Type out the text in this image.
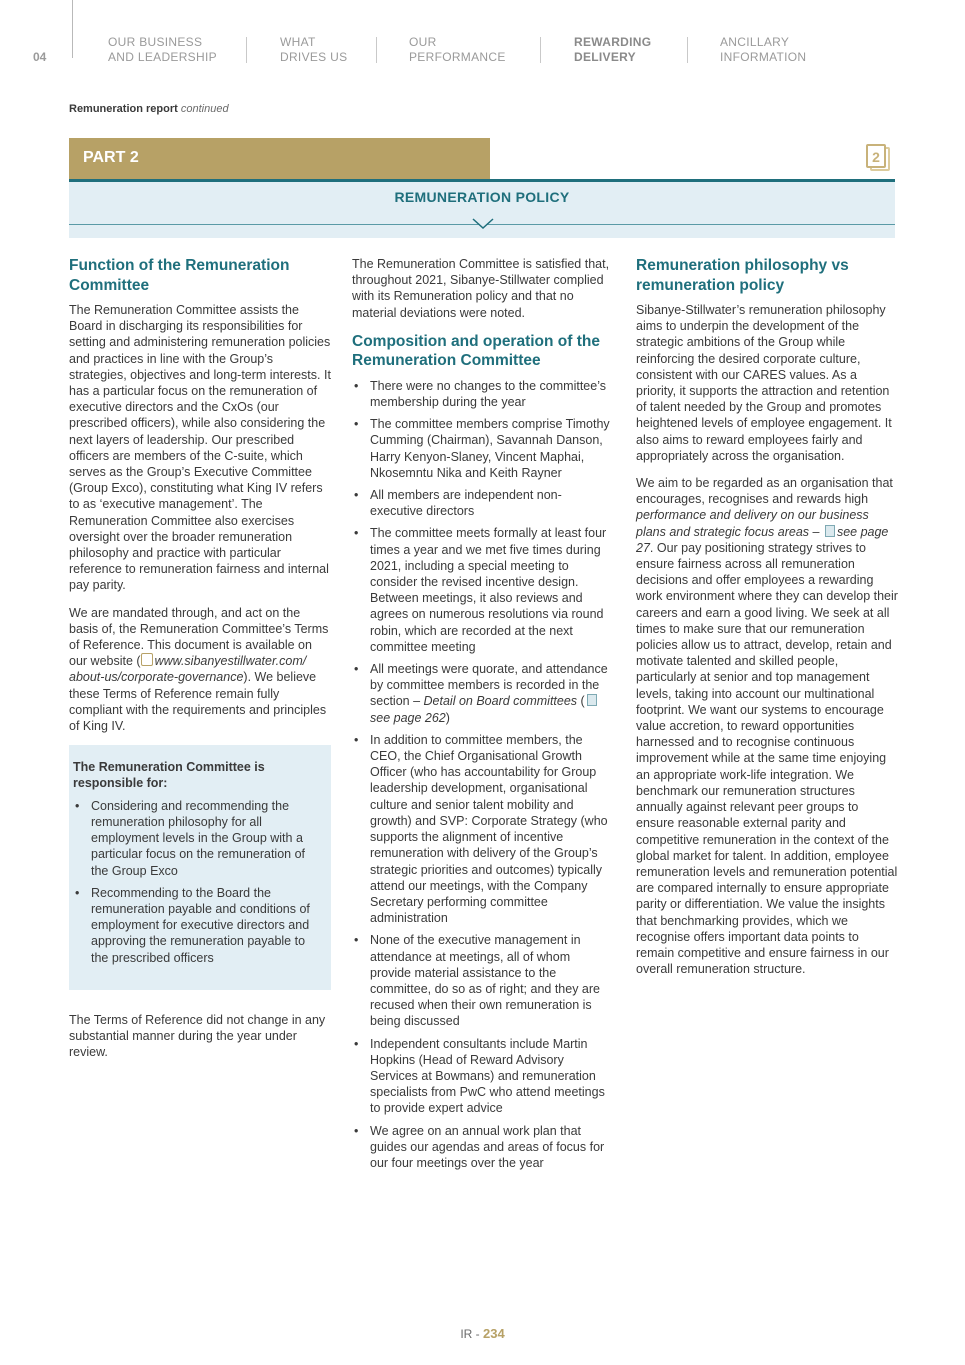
04
OUR BUSINESS
AND LEADERSHIP
WHAT
DRIVES US
OUR
PERFORMANCE
REWARDING
DELIVERY
ANCILLARY
INFORMATION
Remuneration report continued
PART 2	2
REMUNERATION POLICY
Function of the Remuneration Committee

The Remuneration Committee assists the Board in discharging its responsibilities for setting and administering remuneration policies and practices in line with the Group’s strategies, objectives and long-term interests. It has a particular focus on the remuneration of executive directors and the CxOs (our prescribed officers), while also considering the next layers of leadership. Our prescribed officers are members of the C-suite, which serves as the Group’s Executive Committee (Group Exco), constituting what King IV refers to as ‘executive management’. The Remuneration Committee also exercises oversight over the broader remuneration philosophy and practice with particular reference to remuneration fairness and internal pay parity.

We are mandated through, and act on the basis of, the Remuneration Committee’s Terms of Reference. This document is available on our website ( www.sibanyestillwater.com/ about-us/corporate-governance). We believe these Terms of Reference remain fully compliant with the requirements and principles of King IV.

The Remuneration Committee is responsible for:
• Considering and recommending the remuneration philosophy for all employment levels in the Group with a particular focus on the remuneration of the Group Exco
• Recommending to the Board the remuneration payable and conditions of employment for executive directors and approving the remuneration payable to the prescribed officers

The Terms of Reference did not change in any substantial manner during the year under review.

The Remuneration Committee is satisfied that, throughout 2021, Sibanye-Stillwater complied with its Remuneration policy and that no material deviations were noted.

Composition and operation of the Remuneration Committee
• There were no changes to the committee’s membership during the year
• The committee members comprise Timothy Cumming (Chairman), Savannah Danson, Harry Kenyon-Slaney, Vincent Maphai, Nkosemntu Nika and Keith Rayner
• All members are independent non-executive directors
• The committee meets formally at least four times a year and we met five times during 2021, including a special meeting to consider the revised incentive design. Between meetings, it also reviews and agrees on numerous resolutions via round robin, which are recorded at the next committee meeting
• All meetings were quorate, and attendance by committee members is recorded in the section – Detail on Board committees (see page 262)
• In addition to committee members, the CEO, the Chief Organisational Growth Officer (who has accountability for Group leadership development, organisational culture and senior talent mobility and growth) and SVP: Corporate Strategy (who supports the alignment of incentive remuneration with delivery of the Group’s strategic priorities and outcomes) typically attend our meetings, with the Company Secretary performing committee administration
• None of the executive management in attendance at meetings, all of whom provide material assistance to the committee, do so as of right; and they are recused when their own remuneration is being discussed
• Independent consultants include Martin Hopkins (Head of Reward Advisory Services at Bowmans) and remuneration specialists from PwC who attend meetings to provide expert advice
• We agree on an annual work plan that guides our agendas and areas of focus for our four meetings over the year
Remuneration philosophy vs remuneration policy

Sibanye-Stillwater’s remuneration philosophy aims to underpin the development of the strategic ambitions of the Group while reinforcing the desired corporate culture, consistent with our CARES values. As a priority, it supports the attraction and retention of talent needed by the Group and promotes heightened levels of employee engagement. It also aims to reward employees fairly and appropriately across the organisation.

We aim to be regarded as an organisation that encourages, recognises and rewards high performance and delivery on our business plans and strategic focus areas – see page 27. Our pay positioning strategy strives to ensure fairness across all remuneration decisions and offer employees a rewarding work environment where they can develop their careers and earn a good living. We seek at all times to make sure that our remuneration policies allow us to attract, develop, retain and motivate talented and skilled people, particularly at senior and top management levels, taking into account our multinational footprint. We want our systems to encourage value accretion, to reward opportunities harnessed and to recognise continuous improvement while at the same time enjoying an appropriate work-life integration. We benchmark our remuneration structures annually against relevant peer groups to ensure reasonable external parity and competitive remuneration in the context of the global market for talent. In addition, employee remuneration levels and remuneration potential are compared internally to ensure appropriate parity or differentiation. We value the insights that benchmarking provides, which we recognise offers important data points to remain competitive and ensure fairness in our overall remuneration structure.

IR - 234
